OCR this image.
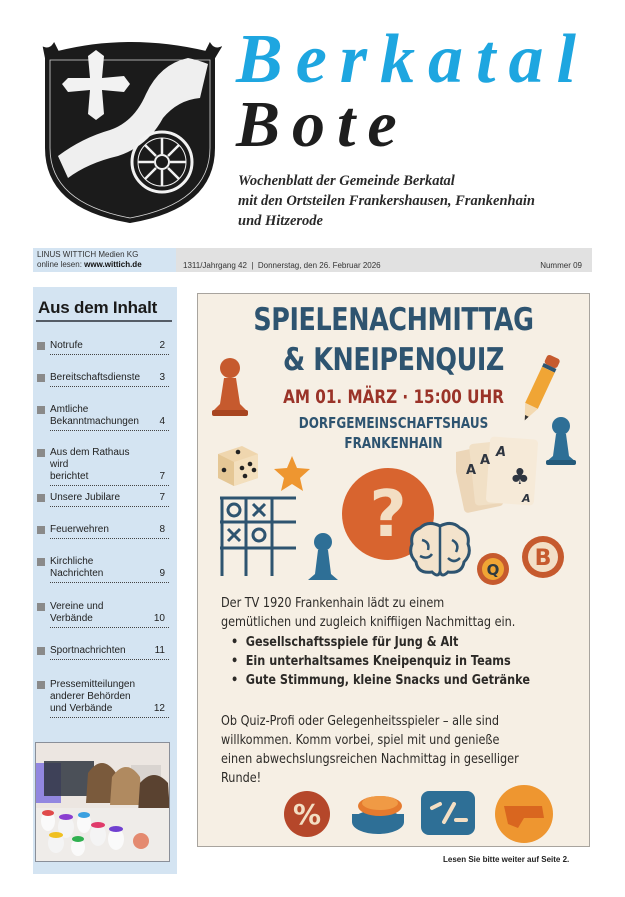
Berkatal
Bote
Wochenblatt der Gemeinde Berkatal
mit den Ortsteilen Frankershausen, Frankenhain
und Hitzerode
LINUS WITTICH Medien KG
online lesen: www.wittich.de	1311/Jahrgang 42  |  Donnerstag, den 26. Februar 2026	Nummer 09
Aus dem Inhalt
Notrufe	2
Bereitschaftsdienste 3
Amtliche
Bekanntmachungen 4
Aus dem Rathaus wird
berichtet	7
Unsere Jubilare	7
Feuerwehren	8
Kirchliche
Nachrichten	9
Vereine und
Verbände	10
Sportnachrichten	11
Pressemitteilungen
anderer Behörden
und Verbände	12
SPIELENACHMITTAG
& KNEIPENQUIZ
AM 01. MÄRZ · 15:00 UHR
DORFGEMEINSCHAFTSHAUS
FRANKENHAIN
?
A
A
A
♣
A
Q B
Der TV 1920 Frankenhain lädt zu einem
gemütlichen und zugleich kniffiigen Nachmittag ein.
• Gesellschaftsspiele für Jung & Alt
• Ein unterhaltsames Kneipenquiz in Teams
• Gute Stimmung, kleine Snacks und Getränke
Ob Quiz-Profi oder Gelegenheitsspieler – alle sind
willkommen. Komm vorbei, spiel mit und genieße
einen abwechslungsreichen Nachmittag in geselliger
Runde!
%
Lesen Sie bitte weiter auf Seite 2.
